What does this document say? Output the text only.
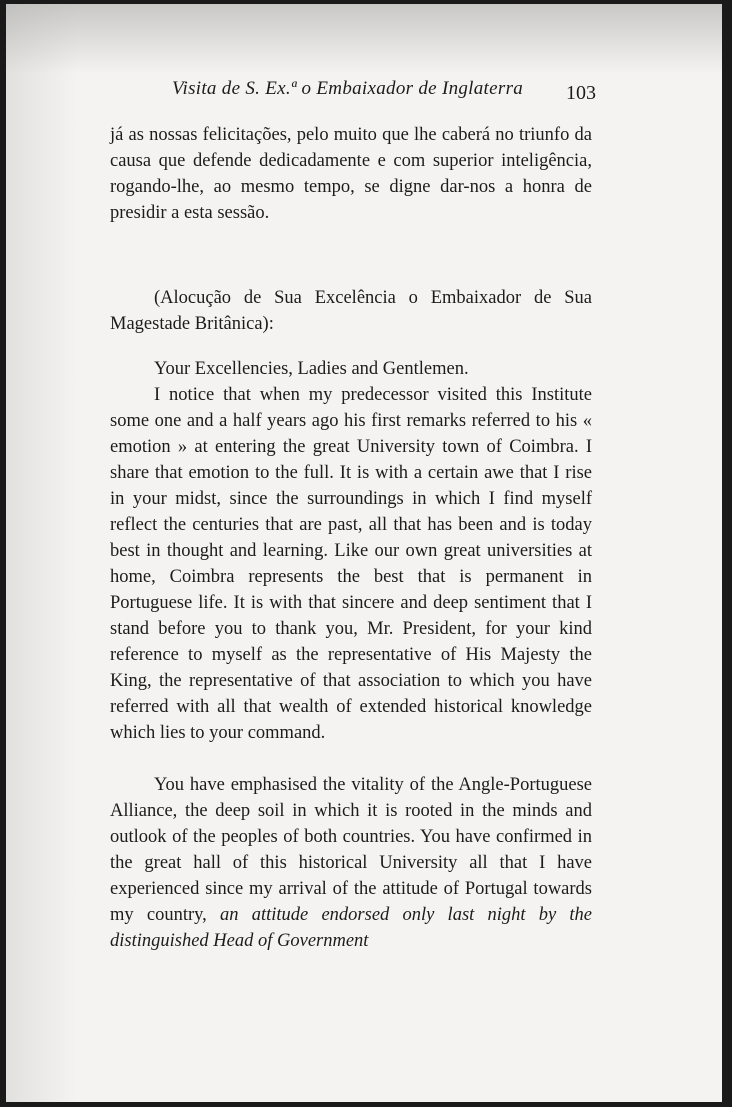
Visita de S. Ex.ª o Embaixador de Inglaterra	103

já as nossas felicitações, pelo muito que lhe caberá no triunfo da causa que defende dedicadamente e com superior inteligência, rogando-lhe, ao mesmo tempo, se digne dar-nos a honra de presidir a esta sessão.

(Alocução de Sua Excelência o Embaixador de Sua Magestade Britânica):

Your Excellencies, Ladies and Gentlemen.

I notice that when my predecessor visited this Institute some one and a half years ago his first remarks referred to his « emotion » at entering the great University town of Coimbra. I share that emotion to the full. It is with a certain awe that I rise in your midst, since the surroundings in which I find myself reflect the centuries that are past, all that has been and is today best in thought and learning. Like our own great universities at home, Coimbra represents the best that is permanent in Portuguese life. It is with that sincere and deep sentiment that I stand before you to thank you, Mr. President, for your kind reference to myself as the representative of His Majesty the King, the representative of that association to which you have referred with all that wealth of extended historical knowledge which lies to your command.

You have emphasised the vitality of the Angle-Portuguese Alliance, the deep soil in which it is rooted in the minds and outlook of the peoples of both countries. You have confirmed in the great hall of this historical University all that I have experienced since my arrival of the attitude of Portugal towards my country, an attitude endorsed only last night by the distinguished Head of Government
